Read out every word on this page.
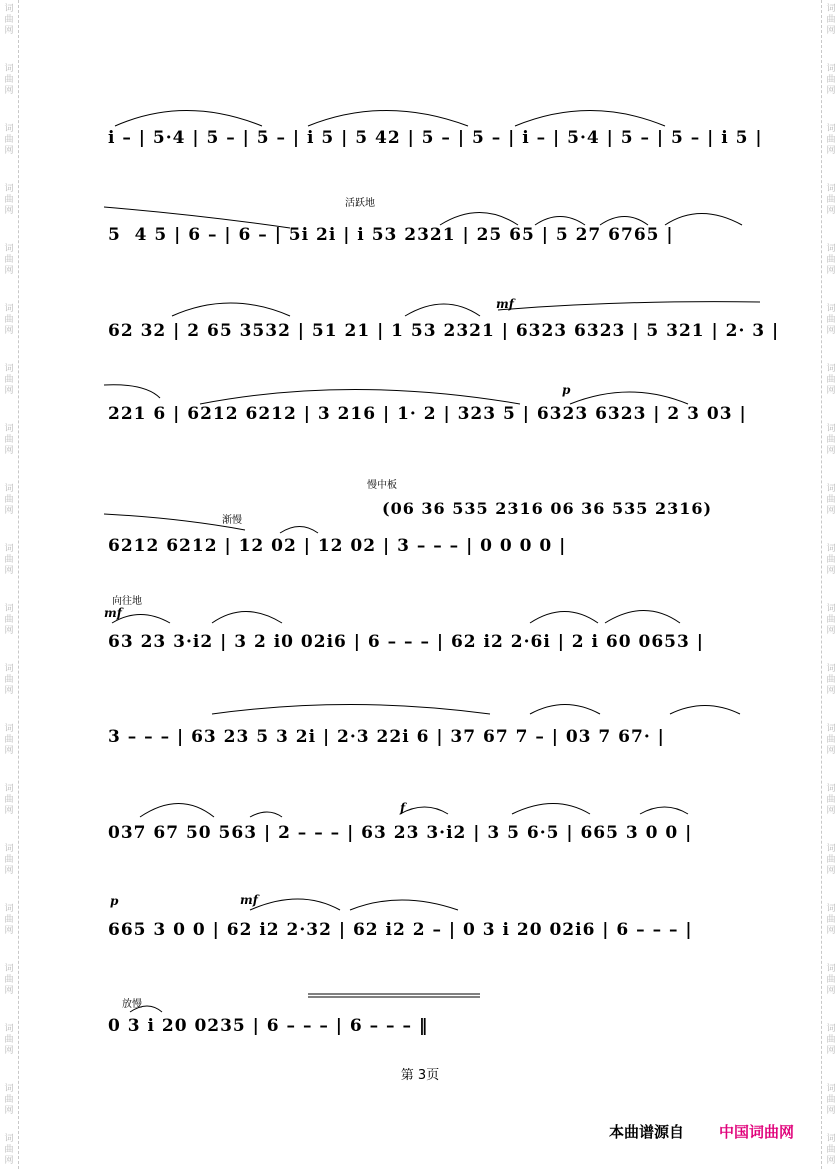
词曲网
词曲网
词曲网
词曲网
词曲网
词曲网
词曲网
词曲网
词曲网
词曲网
词曲网
词曲网
词曲网
词曲网
词曲网
词曲网
词曲网
词曲网
词曲网
词曲网
词曲网
词曲网
词曲网
词曲网
词曲网
词曲网
词曲网
词曲网
词曲网
词曲网
词曲网
词曲网
词曲网
词曲网
词曲网
词曲网
词曲网
词曲网
词曲网
词曲网
i – | 5·4 | 5 – | 5 – | i 5 | 5 42 | 5 – | 5 – | i – | 5·4 | 5 – | 5 – | i 5 |
活跃地
5  4 5 | 6 – | 6 – | 5i 2i | i 53 2321 | 25 65 | 5 27 6765 |
mf
62 32 | 2 65 3532 | 51 21 | 1 53 2321 | 6323 6323 | 5 321 | 2· 3 |
p
221 6 | 6212 6212 | 3 216 | 1· 2 | 323 5 | 6323 6323 | 2 3 03 |
慢中板
(06 36 535 2316 06 36 535 2316)
渐慢
6212 6212 | 12 02 | 12 02 | 3 – – – | 0 0 0 0 |
向往地
mf
63 23 3·i2 | 3 2 i0 02i6 | 6 – – – | 62 i2 2·6i | 2 i 60 0653 |
3 – – – | 63 23 5 3 2i | 2·3 22i 6 | 37 67 7 – | 03 7 67· |
f
037 67 50 563 | 2 – – – | 63 23 3·i2 | 3 5 6·5 | 665 3 0 0 |
p	mf
665 3 0 0 | 62 i2 2·32 | 62 i2 2 – | 0 3 i 20 02i6 | 6 – – – |
放慢
0 3 i 20 0235 | 6 – – – | 6 – – – ‖
第 3页
本曲谱源自 中国词曲网
